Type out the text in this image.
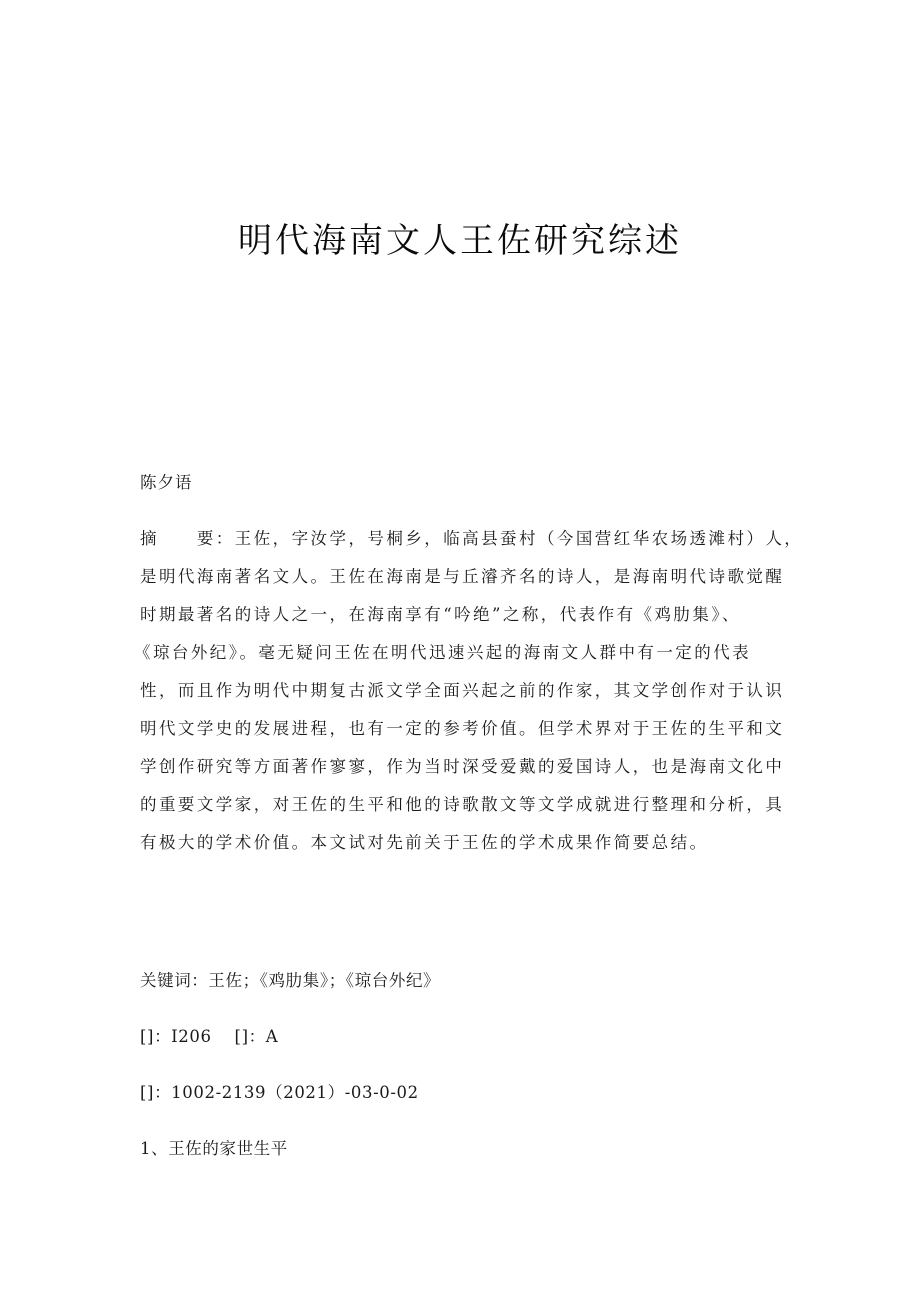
明代海南文人王佐研究综述
陈夕语
摘　　要：王佐，字汝学，号桐乡，临高县蚕村（今国营红华农场透滩村）人，
是明代海南著名文人。王佐在海南是与丘濬齐名的诗人，是海南明代诗歌觉醒
时期最著名的诗人之一，在海南享有“吟绝”之称，代表作有《鸡肋集》、
《琼台外纪》。毫无疑问王佐在明代迅速兴起的海南文人群中有一定的代表
性，而且作为明代中期复古派文学全面兴起之前的作家，其文学创作对于认识
明代文学史的发展进程，也有一定的参考价值。但学术界对于王佐的生平和文
学创作研究等方面著作寥寥，作为当时深受爱戴的爱国诗人，也是海南文化中
的重要文学家，对王佐的生平和他的诗歌散文等文学成就进行整理和分析，具
有极大的学术价值。本文试对先前关于王佐的学术成果作简要总结。
关键词：王佐；《鸡肋集》；《琼台外纪》
[]：I206　 []：A
[]：1002-2139（2021）-03-0-02
1、王佐的家世生平
